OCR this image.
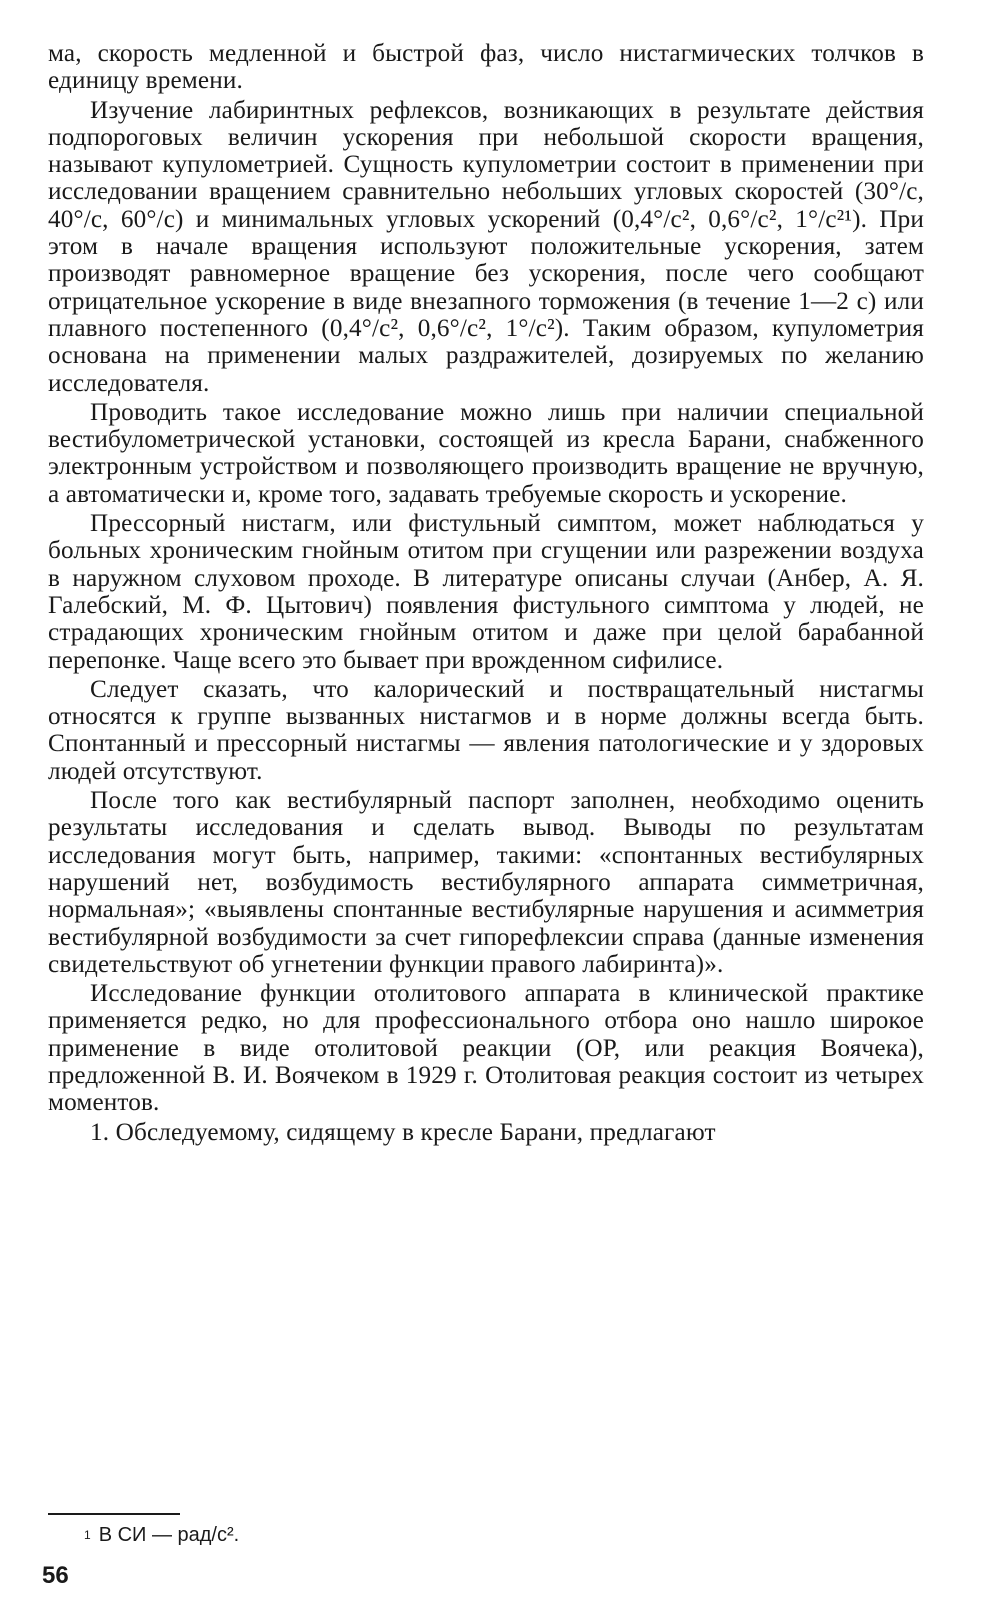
ма, скорость медленной и быстрой фаз, число нистагмических толчков в единицу времени.

Изучение лабиринтных рефлексов, возникающих в результате действия подпороговых величин ускорения при небольшой скорости вращения, называют купулометрией. Сущность купулометрии состоит в применении при исследовании вращением сравнительно небольших угловых скоростей (30°/с, 40°/с, 60°/с) и минимальных угловых ускорений (0,4°/с², 0,6°/с², 1°/с²¹). При этом в начале вращения используют положительные ускорения, затем производят равномерное вращение без ускорения, после чего сообщают отрицательное ускорение в виде внезапного торможения (в течение 1—2 с) или плавного постепенного (0,4°/с², 0,6°/с², 1°/с²). Таким образом, купулометрия основана на применении малых раздражителей, дозируемых по желанию исследователя.

Проводить такое исследование можно лишь при наличии специальной вестибулометрической установки, состоящей из кресла Барани, снабженного электронным устройством и позволяющего производить вращение не вручную, а автоматически и, кроме того, задавать требуемые скорость и ускорение.

Прессорный нистагм, или фистульный симптом, может наблюдаться у больных хроническим гнойным отитом при сгущении или разрежении воздуха в наружном слуховом проходе. В литературе описаны случаи (Анбер, А. Я. Галебский, М. Ф. Цытович) появления фистульного симптома у людей, не страдающих хроническим гнойным отитом и даже при целой барабанной перепонке. Чаще всего это бывает при врожденном сифилисе.

Следует сказать, что калорический и поствращательный нистагмы относятся к группе вызванных нистагмов и в норме должны всегда быть. Спонтанный и прессорный нистагмы — явления патологические и у здоровых людей отсутствуют.

После того как вестибулярный паспорт заполнен, необходимо оценить результаты исследования и сделать вывод. Выводы по результатам исследования могут быть, например, такими: «спонтанных вестибулярных нарушений нет, возбудимость вестибулярного аппарата симметричная, нормальная»; «выявлены спонтанные вестибулярные нарушения и асимметрия вестибулярной возбудимости за счет гипорефлексии справа (данные изменения свидетельствуют об угнетении функции правого лабиринта)».

Исследование функции отолитового аппарата в клинической практике применяется редко, но для профессионального отбора оно нашло широкое применение в виде отолитовой реакции (ОР, или реакция Воячека), предложенной В. И. Воячеком в 1929 г. Отолитовая реакция состоит из четырех моментов.

1. Обследуемому, сидящему в кресле Барани, предлагают

$^1$ В СИ — рад/с².
56
